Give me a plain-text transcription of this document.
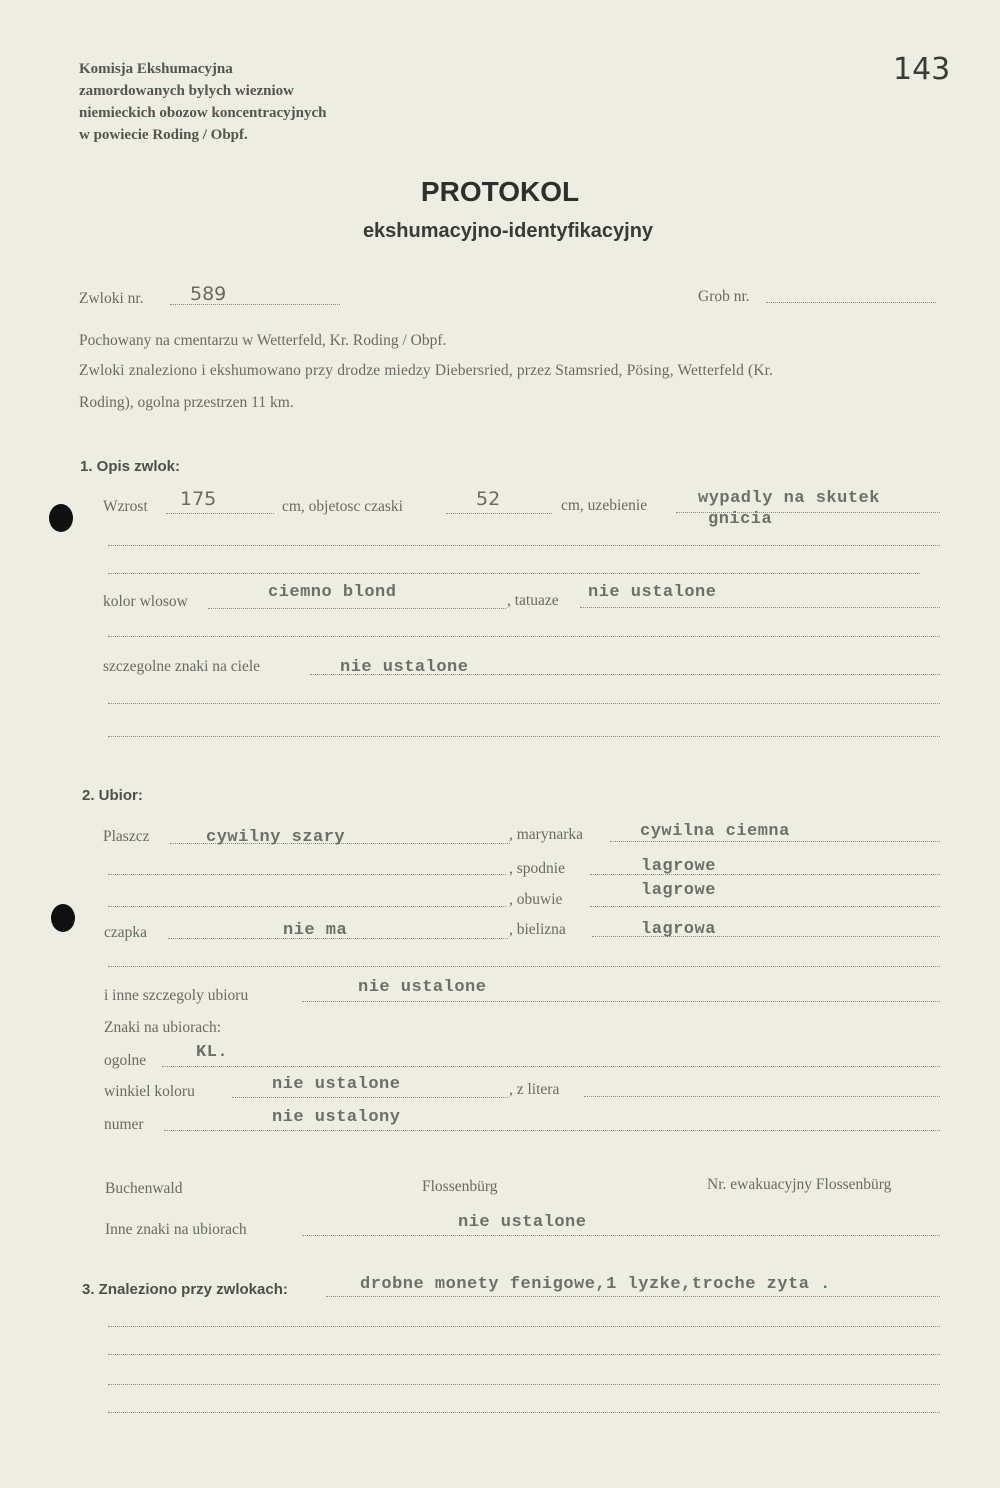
Komisja Ekshumacyjna
zamordowanych bylych wiezniow
niemieckich obozow koncentracyjnych
w powiecie Roding / Obpf.
143
PROTOKOL
ekshumacyjno-identyfikacyjny
Zwloki nr. 589	Grob nr.
Pochowany na cmentarzu w Wetterfeld, Kr. Roding / Obpf.
Zwloki znaleziono i ekshumowano przy drodze miedzy Diebersried, przez Stamsried, Pösing, Wetterfeld (Kr.
Roding), ogolna przestrzen 11 km.
1. Opis zwlok:
Wzrost 175	cm, objetosc czaski	52	cm, uzebienie	wypadly na skutek
gnicia
kolor wlosow	ciemno blond	, tatuaze nie ustalone
szczegolne znaki na ciele	nie ustalone
2. Ubior:
Plaszcz	cywilny szary	, marynarka	cywilna ciemna
, spodnie	lagrowe
, obuwie	lagrowe
czapka	nie ma	, bielizna	lagrowa
i inne szczegoly ubioru	nie ustalone
Znaki na ubiorach:
ogolne	KL.
winkiel koloru	nie ustalone	, z litera
numer	nie ustalony
Buchenwald	Flossenbürg	Nr. ewakuacyjny Flossenbürg
Inne znaki na ubiorach	nie ustalone
3. Znaleziono przy zwlokach:	drobne monety fenigowe,1 lyzke,troche zyta .
